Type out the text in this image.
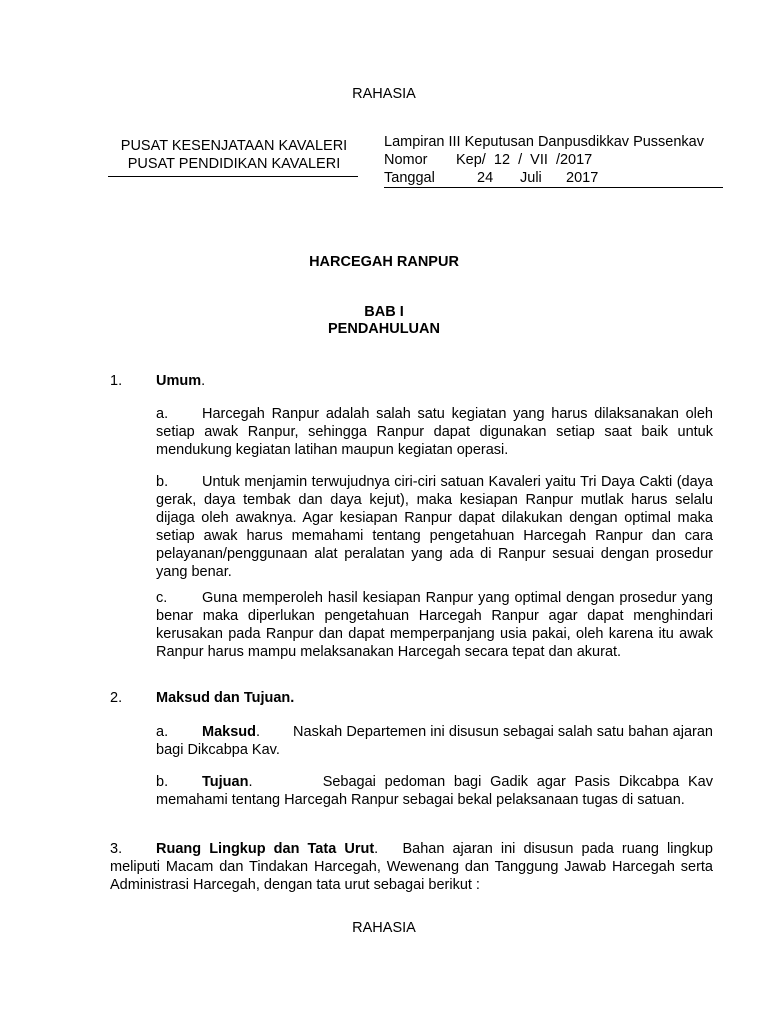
RAHASIA
PUSAT KESENJATAAN KAVALERI
PUSAT PENDIDIKAN KAVALERI
Lampiran III Keputusan Danpusdikkav Pussenkav
Nomor	Kep/  12  /  VII  /2017
Tanggal	24	Juli	2017
HARCEGAH RANPUR
BAB I
PENDAHULUAN
1. Umum.
a. Harcegah Ranpur adalah salah satu kegiatan yang harus dilaksanakan oleh setiap awak Ranpur, sehingga Ranpur dapat digunakan setiap saat baik untuk mendukung kegiatan latihan maupun kegiatan operasi.
b. Untuk menjamin terwujudnya ciri-ciri satuan Kavaleri yaitu Tri Daya Cakti (daya gerak, daya tembak dan daya kejut), maka kesiapan Ranpur mutlak harus selalu dijaga oleh awaknya. Agar kesiapan Ranpur dapat dilakukan dengan optimal maka setiap awak harus memahami tentang pengetahuan Harcegah Ranpur dan cara pelayanan/penggunaan alat peralatan yang ada di Ranpur sesuai dengan prosedur yang benar.
c. Guna memperoleh hasil kesiapan Ranpur yang optimal dengan prosedur yang benar maka diperlukan pengetahuan Harcegah Ranpur agar dapat menghindari kerusakan pada Ranpur dan dapat memperpanjang usia pakai, oleh karena itu awak Ranpur harus mampu melaksanakan Harcegah secara tepat dan akurat.
2. Maksud dan Tujuan.
a. Maksud.        Naskah Departemen ini disusun sebagai salah satu bahan ajaran bagi Dikcabpa Kav.
b. Tujuan.        Sebagai pedoman bagi Gadik agar Pasis Dikcabpa Kav memahami tentang Harcegah Ranpur sebagai bekal pelaksanaan tugas di satuan.
3. Ruang Lingkup dan Tata Urut.   Bahan ajaran ini disusun pada ruang lingkup meliputi Macam dan Tindakan Harcegah, Wewenang dan Tanggung Jawab Harcegah serta Administrasi Harcegah, dengan tata urut sebagai berikut :
RAHASIA
